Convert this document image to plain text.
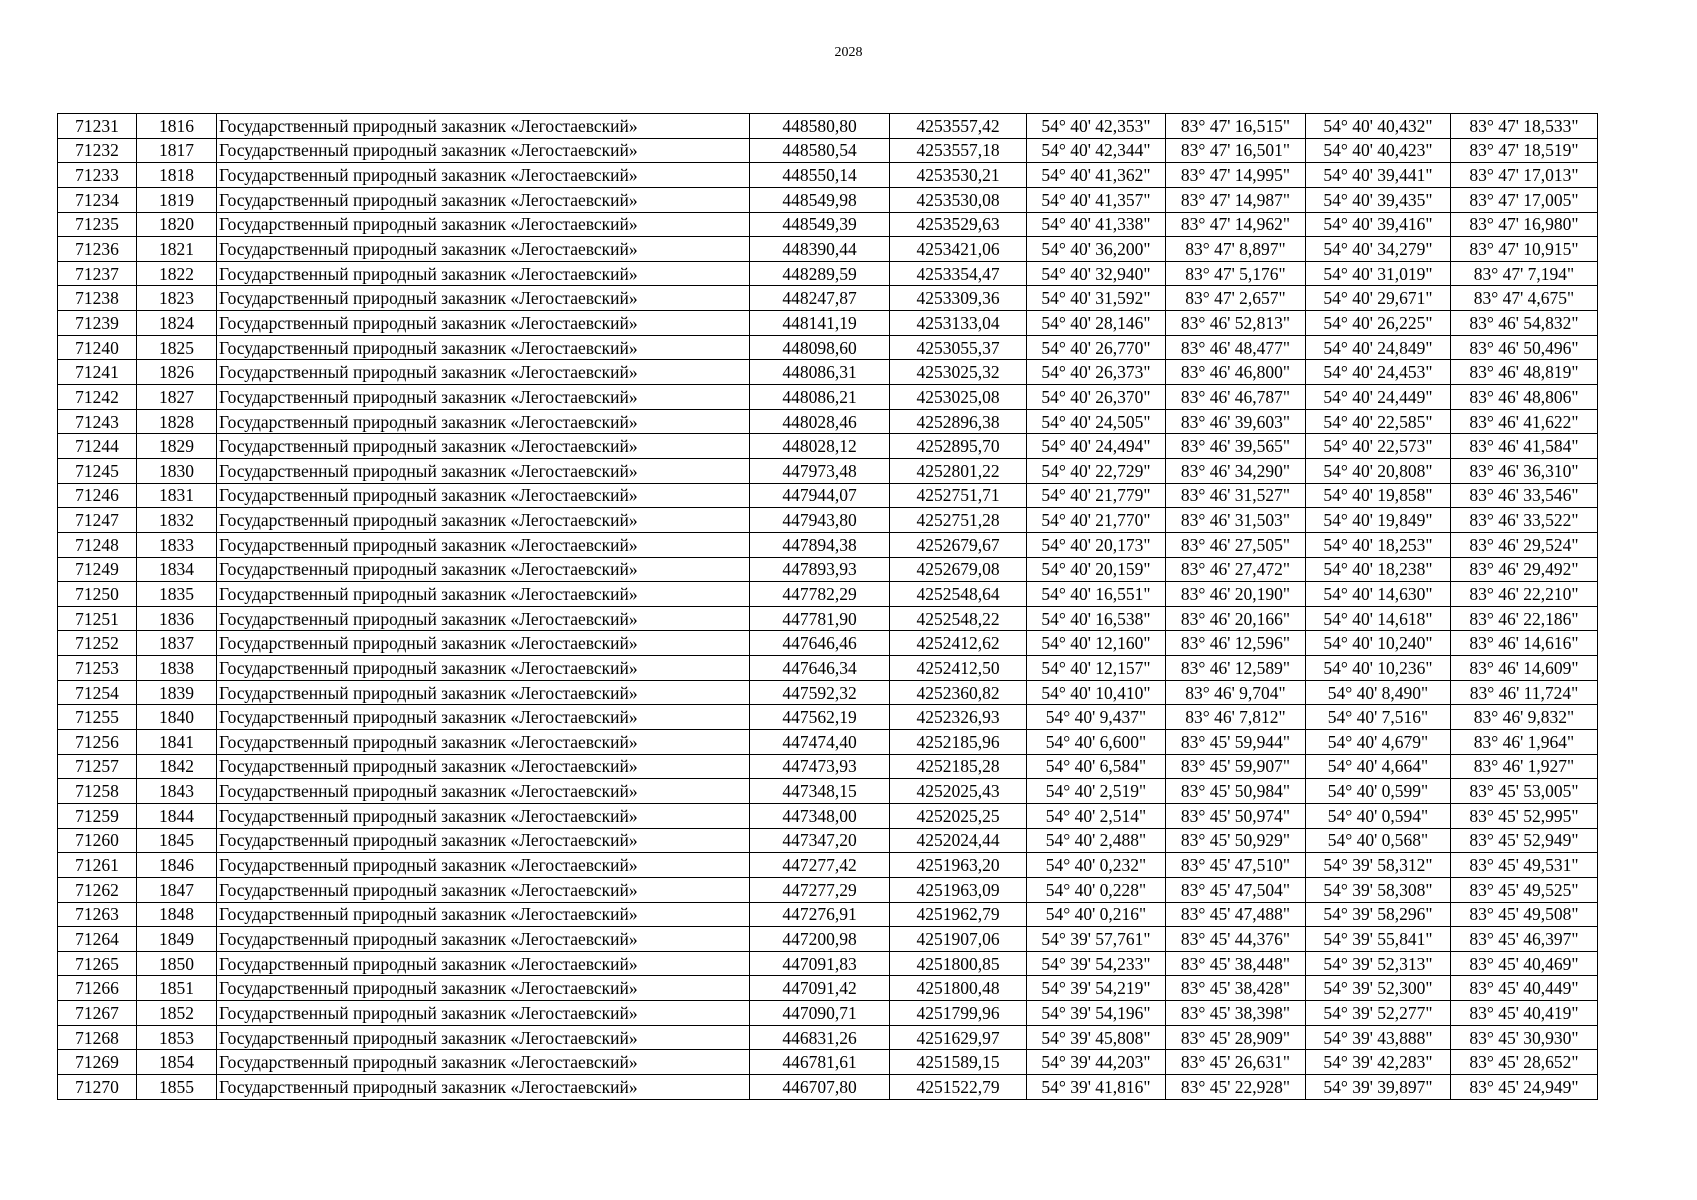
2028
71231	1816	Государственный природный заказник «Легостаевский»	448580,80	4253557,42	54° 40' 42,353"	83° 47' 16,515"	54° 40' 40,432"	83° 47' 18,533"
71232	1817	Государственный природный заказник «Легостаевский»	448580,54	4253557,18	54° 40' 42,344"	83° 47' 16,501"	54° 40' 40,423"	83° 47' 18,519"
71233	1818	Государственный природный заказник «Легостаевский»	448550,14	4253530,21	54° 40' 41,362"	83° 47' 14,995"	54° 40' 39,441"	83° 47' 17,013"
71234	1819	Государственный природный заказник «Легостаевский»	448549,98	4253530,08	54° 40' 41,357"	83° 47' 14,987"	54° 40' 39,435"	83° 47' 17,005"
71235	1820	Государственный природный заказник «Легостаевский»	448549,39	4253529,63	54° 40' 41,338"	83° 47' 14,962"	54° 40' 39,416"	83° 47' 16,980"
71236	1821	Государственный природный заказник «Легостаевский»	448390,44	4253421,06	54° 40' 36,200"	83° 47' 8,897"	54° 40' 34,279"	83° 47' 10,915"
71237	1822	Государственный природный заказник «Легостаевский»	448289,59	4253354,47	54° 40' 32,940"	83° 47' 5,176"	54° 40' 31,019"	83° 47' 7,194"
71238	1823	Государственный природный заказник «Легостаевский»	448247,87	4253309,36	54° 40' 31,592"	83° 47' 2,657"	54° 40' 29,671"	83° 47' 4,675"
71239	1824	Государственный природный заказник «Легостаевский»	448141,19	4253133,04	54° 40' 28,146"	83° 46' 52,813"	54° 40' 26,225"	83° 46' 54,832"
71240	1825	Государственный природный заказник «Легостаевский»	448098,60	4253055,37	54° 40' 26,770"	83° 46' 48,477"	54° 40' 24,849"	83° 46' 50,496"
71241	1826	Государственный природный заказник «Легостаевский»	448086,31	4253025,32	54° 40' 26,373"	83° 46' 46,800"	54° 40' 24,453"	83° 46' 48,819"
71242	1827	Государственный природный заказник «Легостаевский»	448086,21	4253025,08	54° 40' 26,370"	83° 46' 46,787"	54° 40' 24,449"	83° 46' 48,806"
71243	1828	Государственный природный заказник «Легостаевский»	448028,46	4252896,38	54° 40' 24,505"	83° 46' 39,603"	54° 40' 22,585"	83° 46' 41,622"
71244	1829	Государственный природный заказник «Легостаевский»	448028,12	4252895,70	54° 40' 24,494"	83° 46' 39,565"	54° 40' 22,573"	83° 46' 41,584"
71245	1830	Государственный природный заказник «Легостаевский»	447973,48	4252801,22	54° 40' 22,729"	83° 46' 34,290"	54° 40' 20,808"	83° 46' 36,310"
71246	1831	Государственный природный заказник «Легостаевский»	447944,07	4252751,71	54° 40' 21,779"	83° 46' 31,527"	54° 40' 19,858"	83° 46' 33,546"
71247	1832	Государственный природный заказник «Легостаевский»	447943,80	4252751,28	54° 40' 21,770"	83° 46' 31,503"	54° 40' 19,849"	83° 46' 33,522"
71248	1833	Государственный природный заказник «Легостаевский»	447894,38	4252679,67	54° 40' 20,173"	83° 46' 27,505"	54° 40' 18,253"	83° 46' 29,524"
71249	1834	Государственный природный заказник «Легостаевский»	447893,93	4252679,08	54° 40' 20,159"	83° 46' 27,472"	54° 40' 18,238"	83° 46' 29,492"
71250	1835	Государственный природный заказник «Легостаевский»	447782,29	4252548,64	54° 40' 16,551"	83° 46' 20,190"	54° 40' 14,630"	83° 46' 22,210"
71251	1836	Государственный природный заказник «Легостаевский»	447781,90	4252548,22	54° 40' 16,538"	83° 46' 20,166"	54° 40' 14,618"	83° 46' 22,186"
71252	1837	Государственный природный заказник «Легостаевский»	447646,46	4252412,62	54° 40' 12,160"	83° 46' 12,596"	54° 40' 10,240"	83° 46' 14,616"
71253	1838	Государственный природный заказник «Легостаевский»	447646,34	4252412,50	54° 40' 12,157"	83° 46' 12,589"	54° 40' 10,236"	83° 46' 14,609"
71254	1839	Государственный природный заказник «Легостаевский»	447592,32	4252360,82	54° 40' 10,410"	83° 46' 9,704"	54° 40' 8,490"	83° 46' 11,724"
71255	1840	Государственный природный заказник «Легостаевский»	447562,19	4252326,93	54° 40' 9,437"	83° 46' 7,812"	54° 40' 7,516"	83° 46' 9,832"
71256	1841	Государственный природный заказник «Легостаевский»	447474,40	4252185,96	54° 40' 6,600"	83° 45' 59,944"	54° 40' 4,679"	83° 46' 1,964"
71257	1842	Государственный природный заказник «Легостаевский»	447473,93	4252185,28	54° 40' 6,584"	83° 45' 59,907"	54° 40' 4,664"	83° 46' 1,927"
71258	1843	Государственный природный заказник «Легостаевский»	447348,15	4252025,43	54° 40' 2,519"	83° 45' 50,984"	54° 40' 0,599"	83° 45' 53,005"
71259	1844	Государственный природный заказник «Легостаевский»	447348,00	4252025,25	54° 40' 2,514"	83° 45' 50,974"	54° 40' 0,594"	83° 45' 52,995"
71260	1845	Государственный природный заказник «Легостаевский»	447347,20	4252024,44	54° 40' 2,488"	83° 45' 50,929"	54° 40' 0,568"	83° 45' 52,949"
71261	1846	Государственный природный заказник «Легостаевский»	447277,42	4251963,20	54° 40' 0,232"	83° 45' 47,510"	54° 39' 58,312"	83° 45' 49,531"
71262	1847	Государственный природный заказник «Легостаевский»	447277,29	4251963,09	54° 40' 0,228"	83° 45' 47,504"	54° 39' 58,308"	83° 45' 49,525"
71263	1848	Государственный природный заказник «Легостаевский»	447276,91	4251962,79	54° 40' 0,216"	83° 45' 47,488"	54° 39' 58,296"	83° 45' 49,508"
71264	1849	Государственный природный заказник «Легостаевский»	447200,98	4251907,06	54° 39' 57,761"	83° 45' 44,376"	54° 39' 55,841"	83° 45' 46,397"
71265	1850	Государственный природный заказник «Легостаевский»	447091,83	4251800,85	54° 39' 54,233"	83° 45' 38,448"	54° 39' 52,313"	83° 45' 40,469"
71266	1851	Государственный природный заказник «Легостаевский»	447091,42	4251800,48	54° 39' 54,219"	83° 45' 38,428"	54° 39' 52,300"	83° 45' 40,449"
71267	1852	Государственный природный заказник «Легостаевский»	447090,71	4251799,96	54° 39' 54,196"	83° 45' 38,398"	54° 39' 52,277"	83° 45' 40,419"
71268	1853	Государственный природный заказник «Легостаевский»	446831,26	4251629,97	54° 39' 45,808"	83° 45' 28,909"	54° 39' 43,888"	83° 45' 30,930"
71269	1854	Государственный природный заказник «Легостаевский»	446781,61	4251589,15	54° 39' 44,203"	83° 45' 26,631"	54° 39' 42,283"	83° 45' 28,652"
71270	1855	Государственный природный заказник «Легостаевский»	446707,80	4251522,79	54° 39' 41,816"	83° 45' 22,928"	54° 39' 39,897"	83° 45' 24,949"
